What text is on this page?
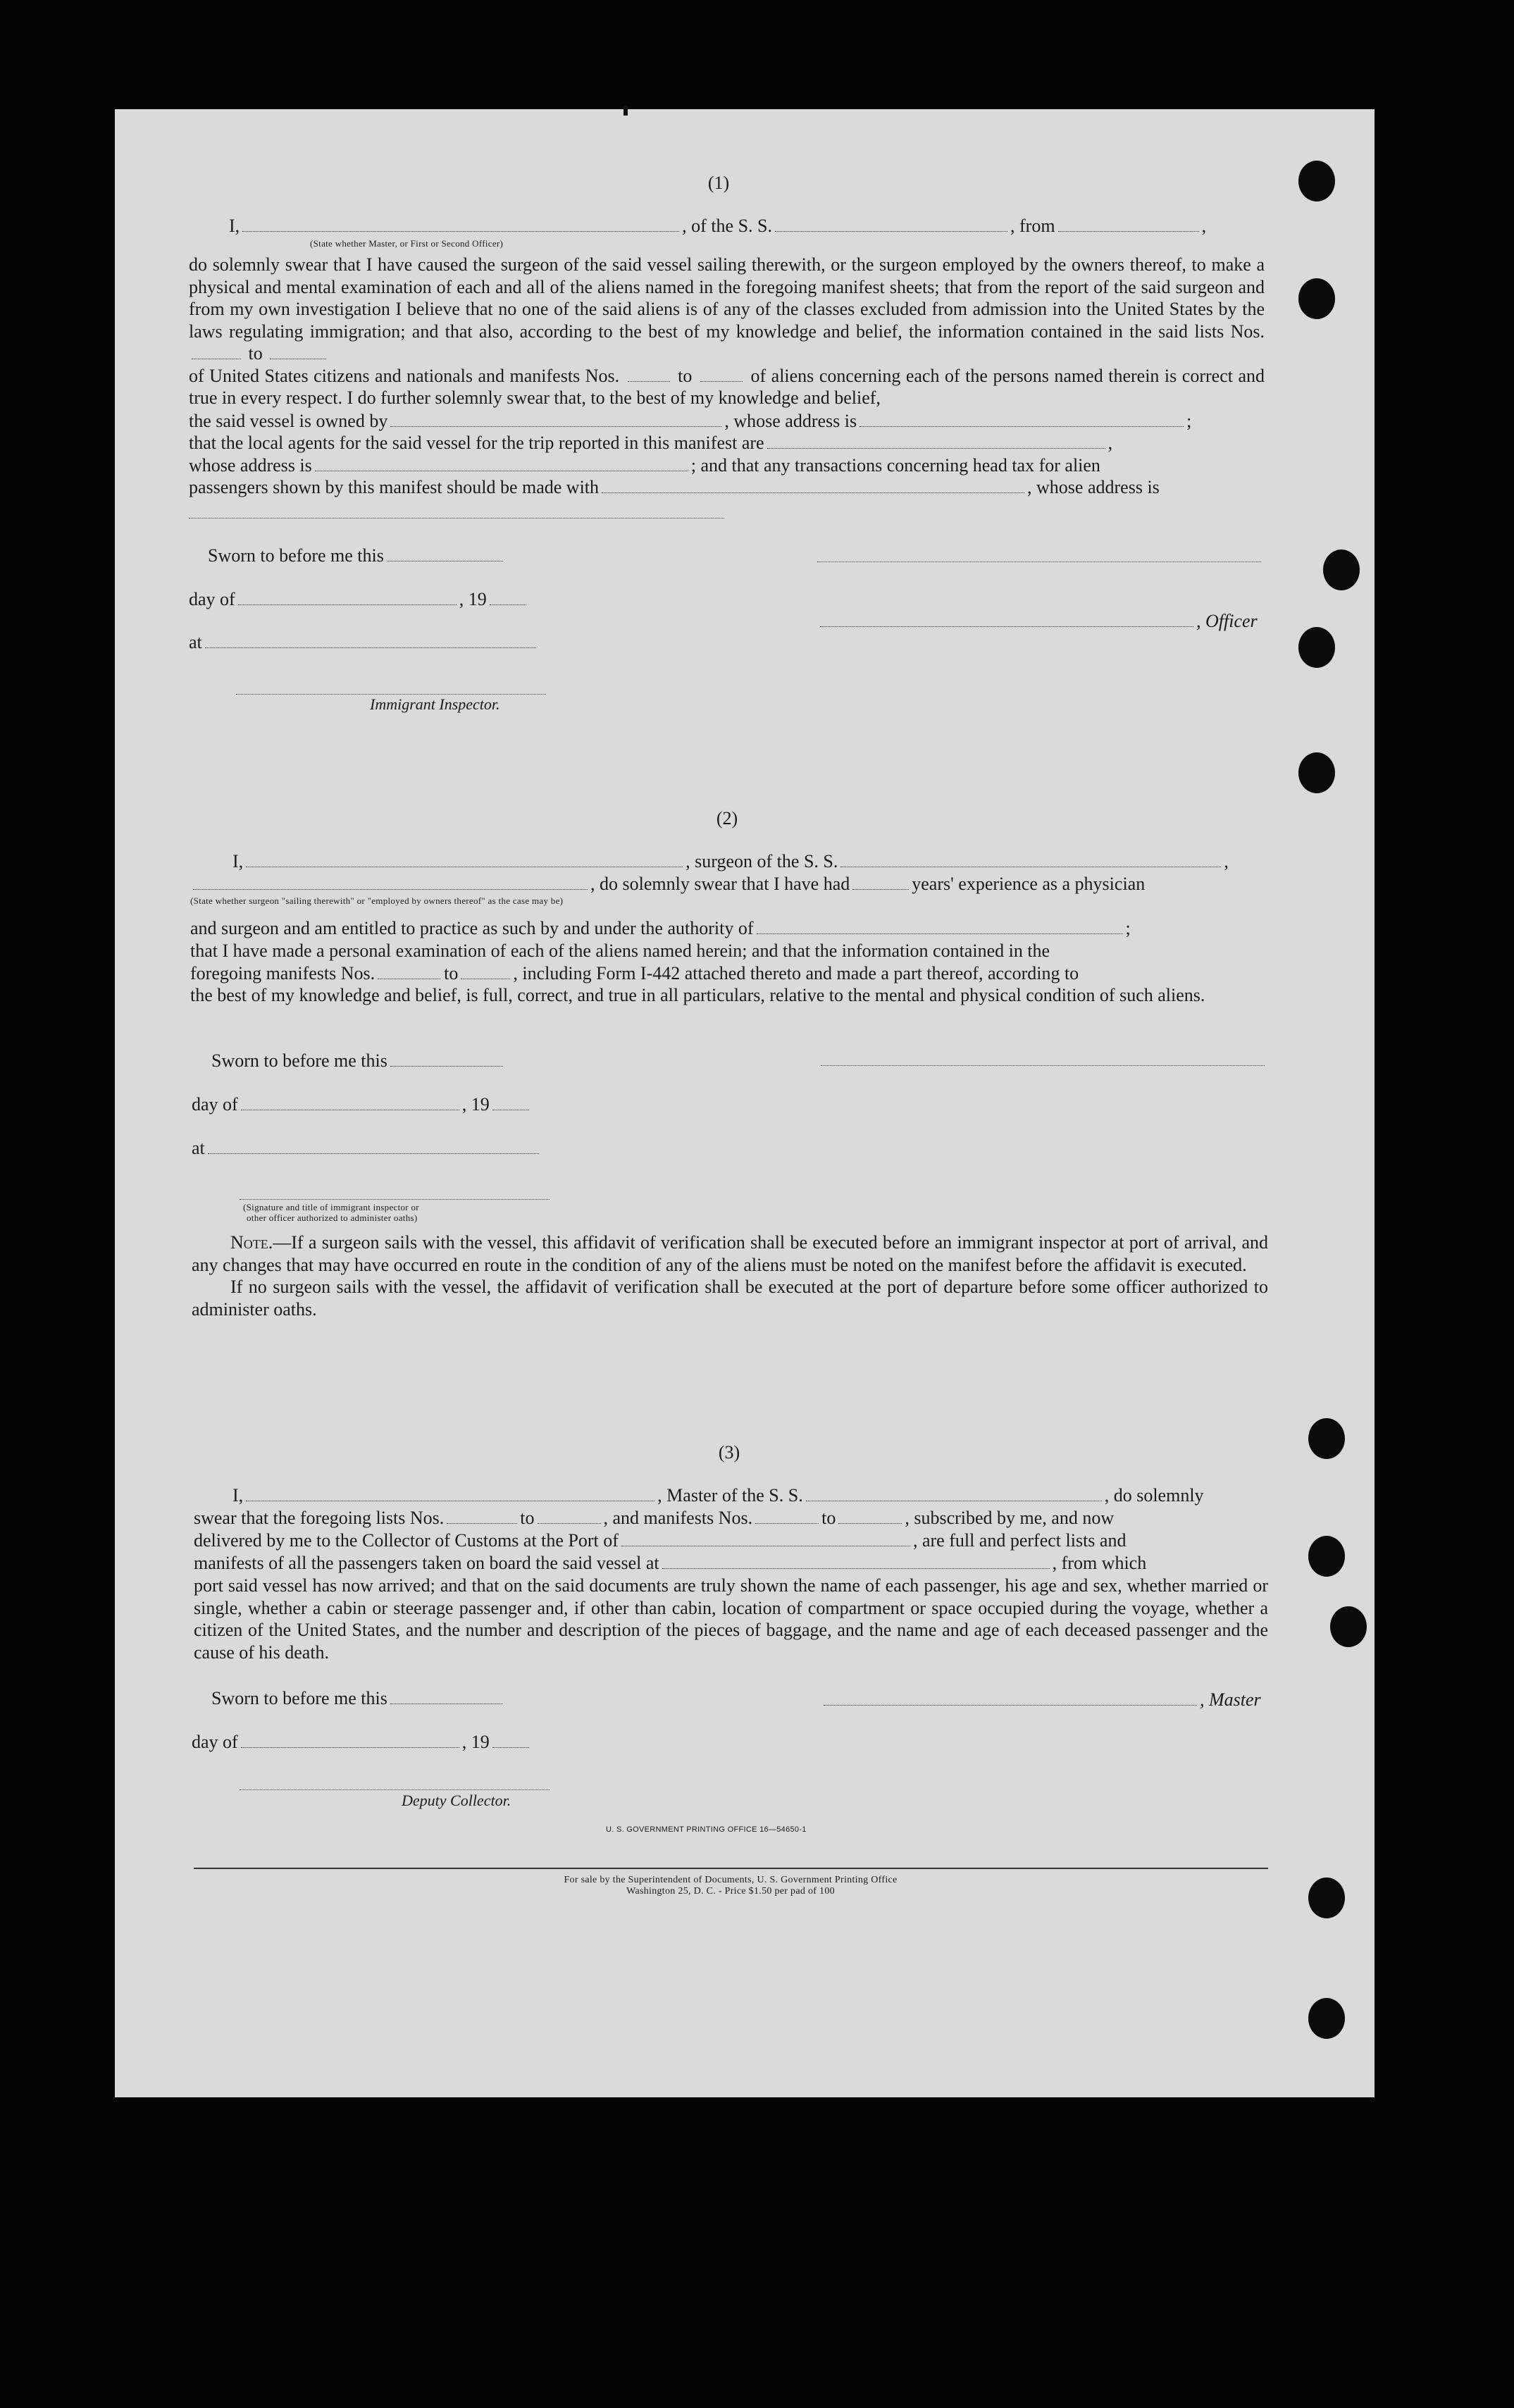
(1)
I,	, of the S. S.	, from	,
(State whether Master, or First or Second Officer)

do solemnly swear that I have caused the surgeon of the said vessel sailing therewith, or the surgeon employed by the owners thereof, to make a physical and mental examination of each and all of the aliens named in the foregoing manifest sheets; that from the report of the said surgeon and from my own investigation I believe that no one of the said aliens is of any of the classes excluded from admission into the United States by the laws regulating immigration; and that also, according to the best of my knowledge and belief, the information contained in the said lists Nos.  to

of United States citizens and nationals and manifests Nos.	to	of aliens concerning each of the persons named therein is correct and true in every respect. I do further solemnly swear that, to the best of my knowledge and belief,

the said vessel is owned by	, whose address is	;
that the local agents for the said vessel for the trip reported in this manifest are	,
whose address is	; and that any transactions concerning head tax for alien
passengers shown by this manifest should be made with	, whose address is
Sworn to before me this
day of	, 19
, Officer
at
Immigrant Inspector.
(2)
I,	, surgeon of the S. S.	,
, do solemnly swear that I have had	years' experience as a physician
(State whether surgeon "sailing therewith" or "employed by owners thereof" as the case may be)
and surgeon and am entitled to practice as such by and under the authority of	;

that I have made a personal examination of each of the aliens named herein; and that the information contained in the

foregoing manifests Nos.	to	, including Form I-442 attached thereto and made a part thereof, according to

the best of my knowledge and belief, is full, correct, and true in all particulars, relative to the mental and physical condition of such aliens.

Sworn to before me this
day of	, 19
at
(Signature and title of immigrant inspector or
other officer authorized to administer oaths)

Note.—If a surgeon sails with the vessel, this affidavit of verification shall be executed before an immigrant inspector at port of arrival, and any changes that may have occurred en route in the condition of any of the aliens must be noted on the manifest before the affidavit is executed.

If no surgeon sails with the vessel, the affidavit of verification shall be executed at the port of departure before some officer authorized to administer oaths.

(3)
I,	, Master of the S. S.	, do solemnly
swear that the foregoing lists Nos.	to	, and manifests Nos.	to	, subscribed by me, and now
delivered by me to the Collector of Customs at the Port of	, are full and perfect lists and
manifests of all the passengers taken on board the said vessel at	, from which

port said vessel has now arrived; and that on the said documents are truly shown the name of each passenger, his age and sex, whether married or single, whether a cabin or steerage passenger and, if other than cabin, location of compartment or space occupied during the voyage, whether a citizen of the United States, and the number and description of the pieces of baggage, and the name and age of each deceased passenger and the cause of his death.

Sworn to before me this	, Master
day of	, 19
Deputy Collector.
U. S. GOVERNMENT PRINTING OFFICE 16—54650-1
For sale by the Superintendent of Documents, U. S. Government Printing Office
Washington 25, D. C. - Price $1.50 per pad of 100
